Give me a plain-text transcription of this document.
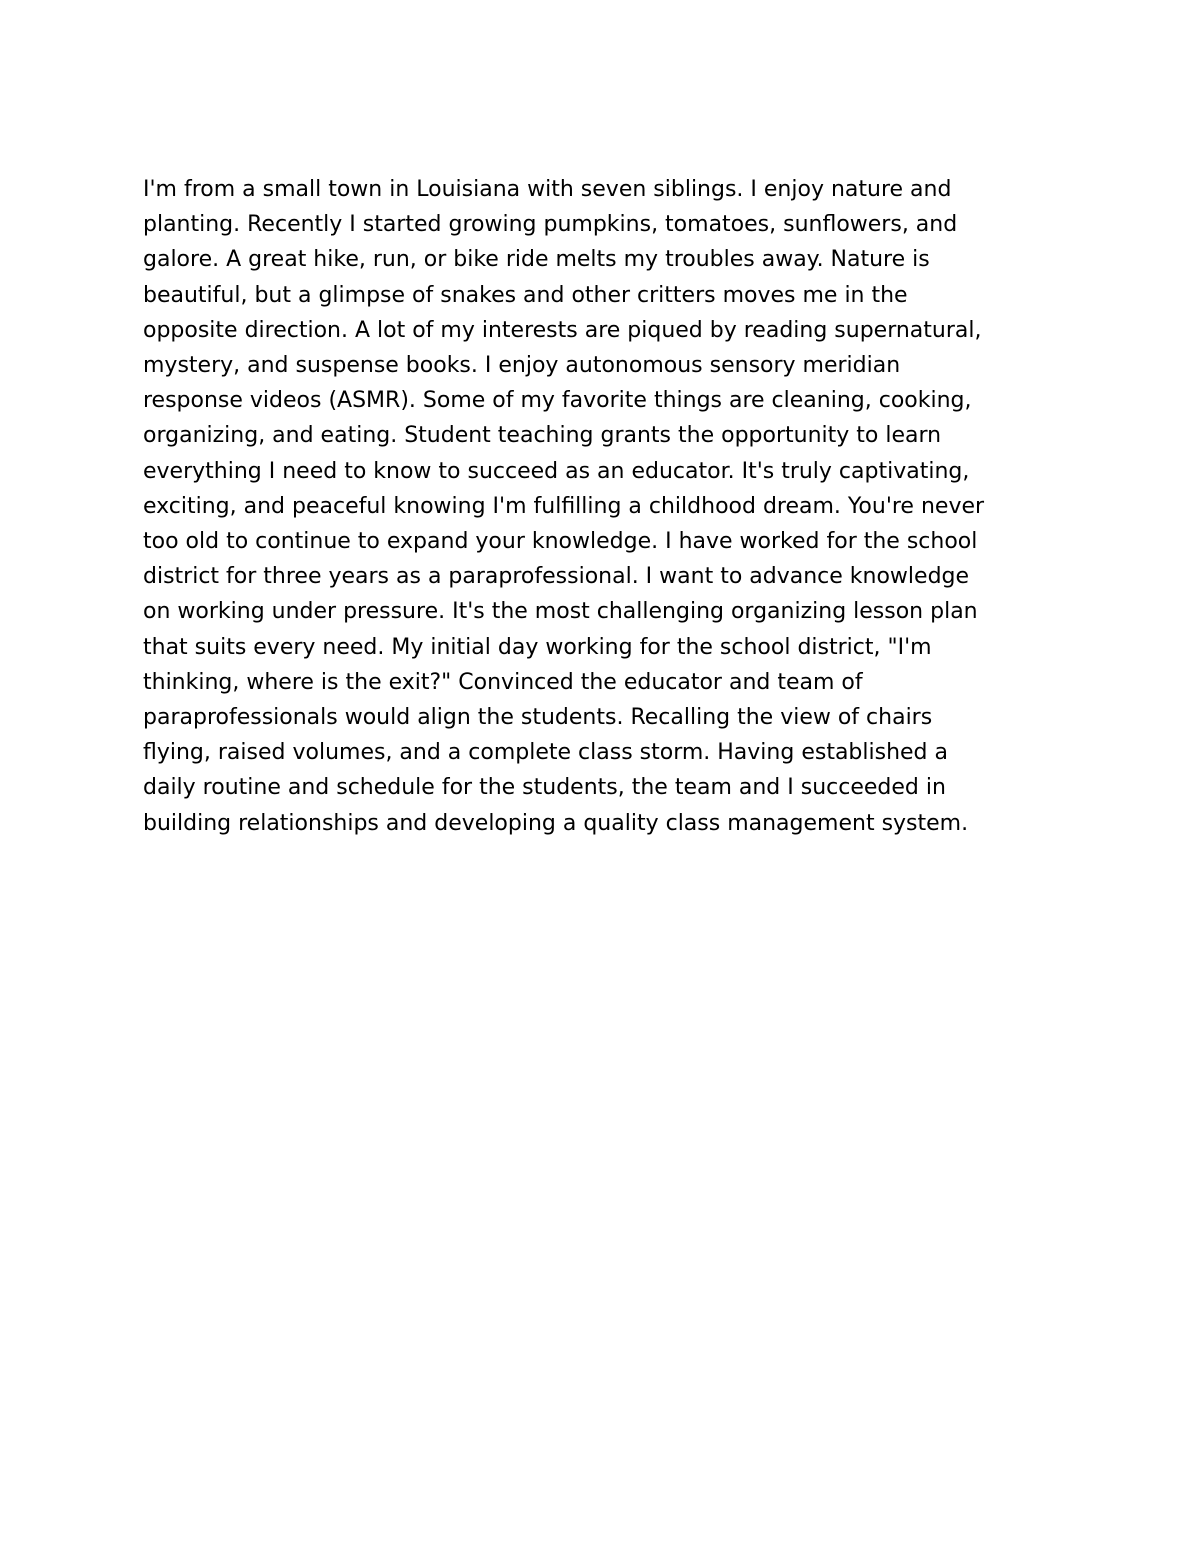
I'm from a small town in Louisiana with seven siblings. I enjoy nature and
planting. Recently I started growing pumpkins, tomatoes, sunflowers, and
galore. A great hike, run, or bike ride melts my troubles away. Nature is
beautiful, but a glimpse of snakes and other critters moves me in the
opposite direction. A lot of my interests are piqued by reading supernatural,
mystery, and suspense books. I enjoy autonomous sensory meridian
response videos (ASMR). Some of my favorite things are cleaning, cooking,
organizing, and eating. Student teaching grants the opportunity to learn
everything I need to know to succeed as an educator. It's truly captivating,
exciting, and peaceful knowing I'm fulfilling a childhood dream. You're never
too old to continue to expand your knowledge. I have worked for the school
district for three years as a paraprofessional. I want to advance knowledge
on working under pressure. It's the most challenging organizing lesson plan
that suits every need. My initial day working for the school district, "I'm
thinking, where is the exit?" Convinced the educator and team of
paraprofessionals would align the students. Recalling the view of chairs
flying, raised volumes, and a complete class storm. Having established a
daily routine and schedule for the students, the team and I succeeded in
building relationships and developing a quality class management system.
